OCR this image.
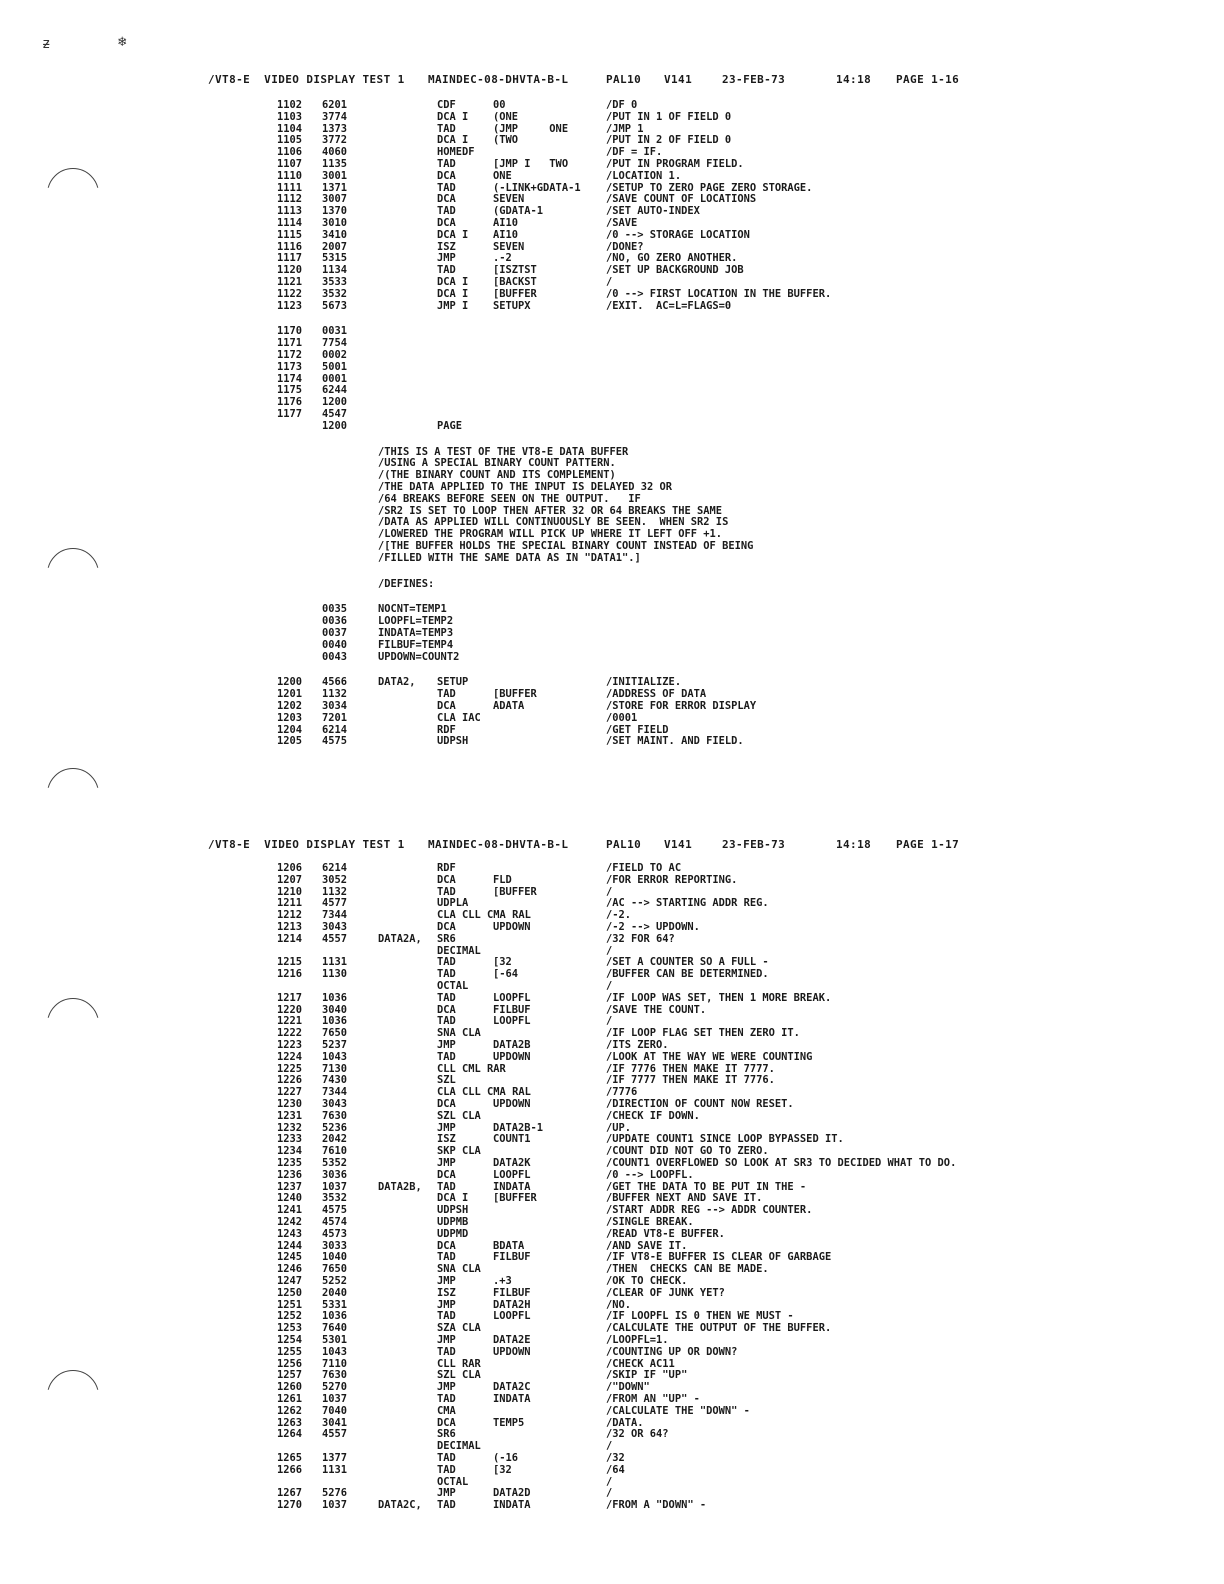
ƶ	❄
/VT8-E  VIDEO DISPLAY TEST 1 MAINDEC-08-DHVTA-B-L	PAL10 V141	23-FEB-73	14:18 PAGE 1-16
1102 6201	CDF	00	/DF 0
1103 3774	DCA I (ONE	/PUT IN 1 OF FIELD 0
1104 1373	TAD	(JMP     ONE	/JMP 1
1105 3772	DCA I (TWO	/PUT IN 2 OF FIELD 0
1106 4060	HOMEDF	/DF = IF.
1107 1135	TAD	[JMP I   TWO	/PUT IN PROGRAM FIELD.
1110 3001	DCA	ONE	/LOCATION 1.
1111 1371	TAD	(-LINK+GDATA-1 /SETUP TO ZERO PAGE ZERO STORAGE.
1112 3007	DCA	SEVEN	/SAVE COUNT OF LOCATIONS
1113 1370	TAD	(GDATA-1	/SET AUTO-INDEX
1114 3010	DCA	AI10	/SAVE
1115 3410	DCA I AI10	/0 --> STORAGE LOCATION
1116 2007	ISZ	SEVEN	/DONE?
1117 5315	JMP	.-2	/NO, GO ZERO ANOTHER.
1120 1134	TAD	[ISZTST	/SET UP BACKGROUND JOB
1121 3533	DCA I [BACKST	/
1122 3532	DCA I [BUFFER	/0 --> FIRST LOCATION IN THE BUFFER.
1123 5673	JMP I SETUPX	/EXIT.  AC=L=FLAGS=0
1170 0031
1171 7754
1172 0002
1173 5001
1174 0001
1175 6244
1176 1200
1177 4547
1200	PAGE
/THIS IS A TEST OF THE VT8-E DATA BUFFER
/USING A SPECIAL BINARY COUNT PATTERN.
/(THE BINARY COUNT AND ITS COMPLEMENT)
/THE DATA APPLIED TO THE INPUT IS DELAYED 32 OR
/64 BREAKS BEFORE SEEN ON THE OUTPUT.   IF
/SR2 IS SET TO LOOP THEN AFTER 32 OR 64 BREAKS THE SAME
/DATA AS APPLIED WILL CONTINUOUSLY BE SEEN.  WHEN SR2 IS
/LOWERED THE PROGRAM WILL PICK UP WHERE IT LEFT OFF +1.
/[THE BUFFER HOLDS THE SPECIAL BINARY COUNT INSTEAD OF BEING
/FILLED WITH THE SAME DATA AS IN "DATA1".]
/DEFINES:
0035	NOCNT=TEMP1
0036	LOOPFL=TEMP2
0037	INDATA=TEMP3
0040	FILBUF=TEMP4
0043	UPDOWN=COUNT2
1200 4566	DATA2, SETUP	/INITIALIZE.
1201 1132	TAD	[BUFFER	/ADDRESS OF DATA
1202 3034	DCA	ADATA	/STORE FOR ERROR DISPLAY
1203 7201	CLA IAC	/0001
1204 6214	RDF	/GET FIELD
1205 4575	UDPSH	/SET MAINT. AND FIELD.
/VT8-E  VIDEO DISPLAY TEST 1 MAINDEC-08-DHVTA-B-L	PAL10 V141	23-FEB-73	14:18 PAGE 1-17
1206 6214	RDF	/FIELD TO AC
1207 3052	DCA	FLD	/FOR ERROR REPORTING.
1210 1132	TAD	[BUFFER	/
1211 4577	UDPLA	/AC --> STARTING ADDR REG.
1212 7344	CLA CLL CMA RAL	/-2.
1213 3043	DCA	UPDOWN	/-2 --> UPDOWN.
1214 4557	DATA2A, SR6	/32 FOR 64?
DECIMAL	/
1215 1131	TAD	[32	/SET A COUNTER SO A FULL -
1216 1130	TAD	[-64	/BUFFER CAN BE DETERMINED.
OCTAL	/
1217 1036	TAD	LOOPFL	/IF LOOP WAS SET, THEN 1 MORE BREAK.
1220 3040	DCA	FILBUF	/SAVE THE COUNT.
1221 1036	TAD	LOOPFL	/
1222 7650	SNA CLA	/IF LOOP FLAG SET THEN ZERO IT.
1223 5237	JMP	DATA2B	/ITS ZERO.
1224 1043	TAD	UPDOWN	/LOOK AT THE WAY WE WERE COUNTING
1225 7130	CLL CML RAR	/IF 7776 THEN MAKE IT 7777.
1226 7430	SZL	/IF 7777 THEN MAKE IT 7776.
1227 7344	CLA CLL CMA RAL	/7776
1230 3043	DCA	UPDOWN	/DIRECTION OF COUNT NOW RESET.
1231 7630	SZL CLA	/CHECK IF DOWN.
1232 5236	JMP	DATA2B-1	/UP.
1233 2042	ISZ	COUNT1	/UPDATE COUNT1 SINCE LOOP BYPASSED IT.
1234 7610	SKP CLA	/COUNT DID NOT GO TO ZERO.
1235 5352	JMP	DATA2K	/COUNT1 OVERFLOWED SO LOOK AT SR3 TO DECIDED WHAT TO DO.
1236 3036	DCA	LOOPFL	/0 --> LOOPFL.
1237 1037	DATA2B, TAD	INDATA	/GET THE DATA TO BE PUT IN THE -
1240 3532	DCA I [BUFFER	/BUFFER NEXT AND SAVE IT.
1241 4575	UDPSH	/START ADDR REG --> ADDR COUNTER.
1242 4574	UDPMB	/SINGLE BREAK.
1243 4573	UDPMD	/READ VT8-E BUFFER.
1244 3033	DCA	BDATA	/AND SAVE IT.
1245 1040	TAD	FILBUF	/IF VT8-E BUFFER IS CLEAR OF GARBAGE
1246 7650	SNA CLA	/THEN  CHECKS CAN BE MADE.
1247 5252	JMP	.+3	/OK TO CHECK.
1250 2040	ISZ	FILBUF	/CLEAR OF JUNK YET?
1251 5331	JMP	DATA2H	/NO.
1252 1036	TAD	LOOPFL	/IF LOOPFL IS 0 THEN WE MUST -
1253 7640	SZA CLA	/CALCULATE THE OUTPUT OF THE BUFFER.
1254 5301	JMP	DATA2E	/LOOPFL=1.
1255 1043	TAD	UPDOWN	/COUNTING UP OR DOWN?
1256 7110	CLL RAR	/CHECK AC11
1257 7630	SZL CLA	/SKIP IF "UP"
1260 5270	JMP	DATA2C	/"DOWN"
1261 1037	TAD	INDATA	/FROM AN "UP" -
1262 7040	CMA	/CALCULATE THE "DOWN" -
1263 3041	DCA	TEMP5	/DATA.
1264 4557	SR6	/32 OR 64?
DECIMAL	/
1265 1377	TAD	(-16	/32
1266 1131	TAD	[32	/64
OCTAL	/
1267 5276	JMP	DATA2D	/
1270 1037	DATA2C, TAD	INDATA	/FROM A "DOWN" -
